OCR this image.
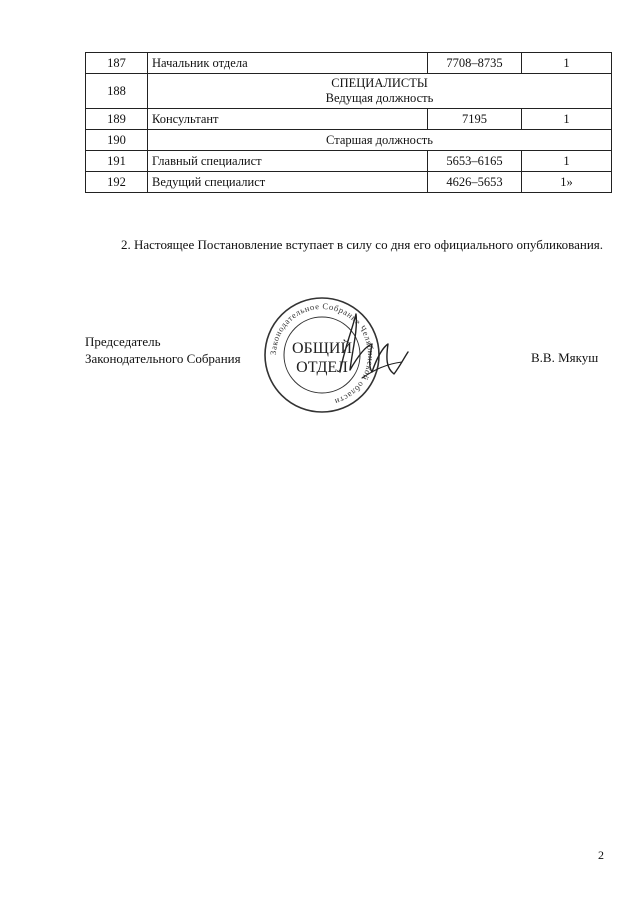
187	Начальник отдела	7708–8735	1
188	СПЕЦИАЛИСТЫ
Ведущая должность		

189	Консультант	7195	1
190	Старшая должность		
191	Главный специалист	5653–6165	1
192	Ведущий специалист	4626–5653	1»

2. Настоящее Постановление вступает в силу со дня его официального опубликования.

Председатель
Законодательного Собрания	Законодательное Собрание Челябинской области
ОБЩИЙ
ОТДЕЛ
В.В. Мякуш
2
